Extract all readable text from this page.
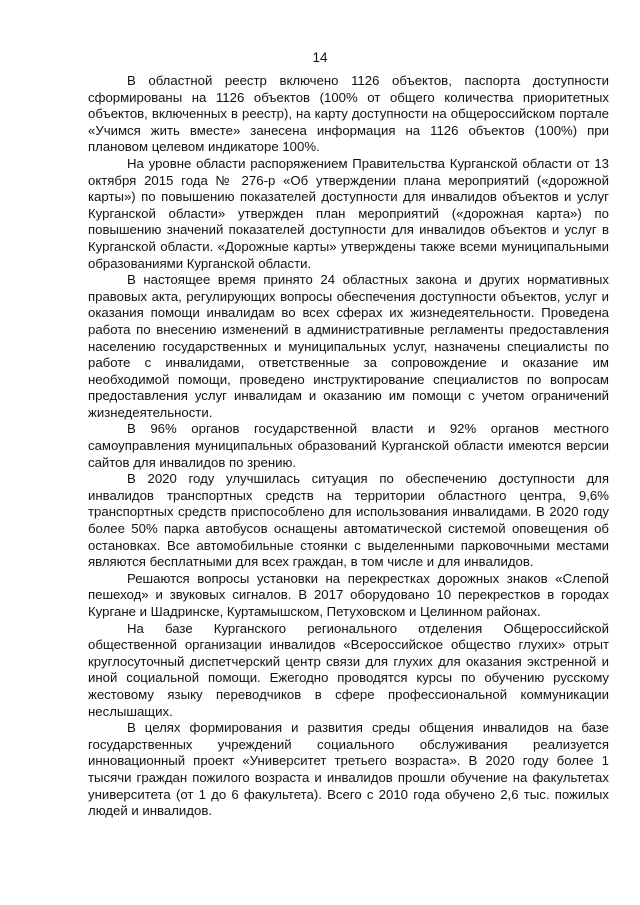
14

В областной реестр включено 1126 объектов, паспорта доступности сформированы на 1126 объектов (100% от общего количества приоритетных объектов, включенных в реестр), на карту доступности на общероссийском портале «Учимся жить вместе» занесена информация на 1126 объектов (100%) при плановом целевом индикаторе 100%.

На уровне области распоряжением Правительства Курганской области от 13 октября 2015 года № 276-р «Об утверждении плана мероприятий («дорожной карты») по повышению показателей доступности для инвалидов объектов и услуг Курганской области» утвержден план мероприятий («дорожная карта») по повышению значений показателей доступности для инвалидов объектов и услуг в Курганской области. «Дорожные карты» утверждены также всеми муниципальными образованиями Курганской области.

В настоящее время принято 24 областных закона и других нормативных правовых акта, регулирующих вопросы обеспечения доступности объектов, услуг и оказания помощи инвалидам во всех сферах их жизнедеятельности. Проведена работа по внесению изменений в административные регламенты предоставления населению государственных и муниципальных услуг, назначены специалисты по работе с инвалидами, ответственные за сопровождение и оказание им необходимой помощи, проведено инструктирование специалистов по вопросам предоставления услуг инвалидам и оказанию им помощи с учетом ограничений жизнедеятельности.

В 96% органов государственной власти и 92% органов местного самоуправления муниципальных образований Курганской области имеются версии сайтов для инвалидов по зрению.

В 2020 году улучшилась ситуация по обеспечению доступности для инвалидов транспортных средств на территории областного центра, 9,6% транспортных средств приспособлено для использования инвалидами. В 2020 году более 50% парка автобусов оснащены автоматической системой оповещения об остановках. Все автомобильные стоянки с выделенными парковочными местами являются бесплатными для всех граждан, в том числе и для инвалидов.

Решаются вопросы установки на перекрестках дорожных знаков «Слепой пешеход» и звуковых сигналов. В 2017 оборудовано 10 перекрестков в городах Кургане и Шадринске, Куртамышском, Петуховском и Целинном районах.

На базе Курганского регионального отделения Общероссийской общественной организации инвалидов «Всероссийское общество глухих» отрыт круглосуточный диспетчерский центр связи для глухих для оказания экстренной и иной социальной помощи. Ежегодно проводятся курсы по обучению русскому жестовому языку переводчиков в сфере профессиональной коммуникации неслышащих.

В целях формирования и развития среды общения инвалидов на базе государственных учреждений социального обслуживания реализуется инновационный проект «Университет третьего возраста». В 2020 году более 1 тысячи граждан пожилого возраста и инвалидов прошли обучение на факультетах университета (от 1 до 6 факультета). Всего с 2010 года обучено 2,6 тыс. пожилых людей и инвалидов.
